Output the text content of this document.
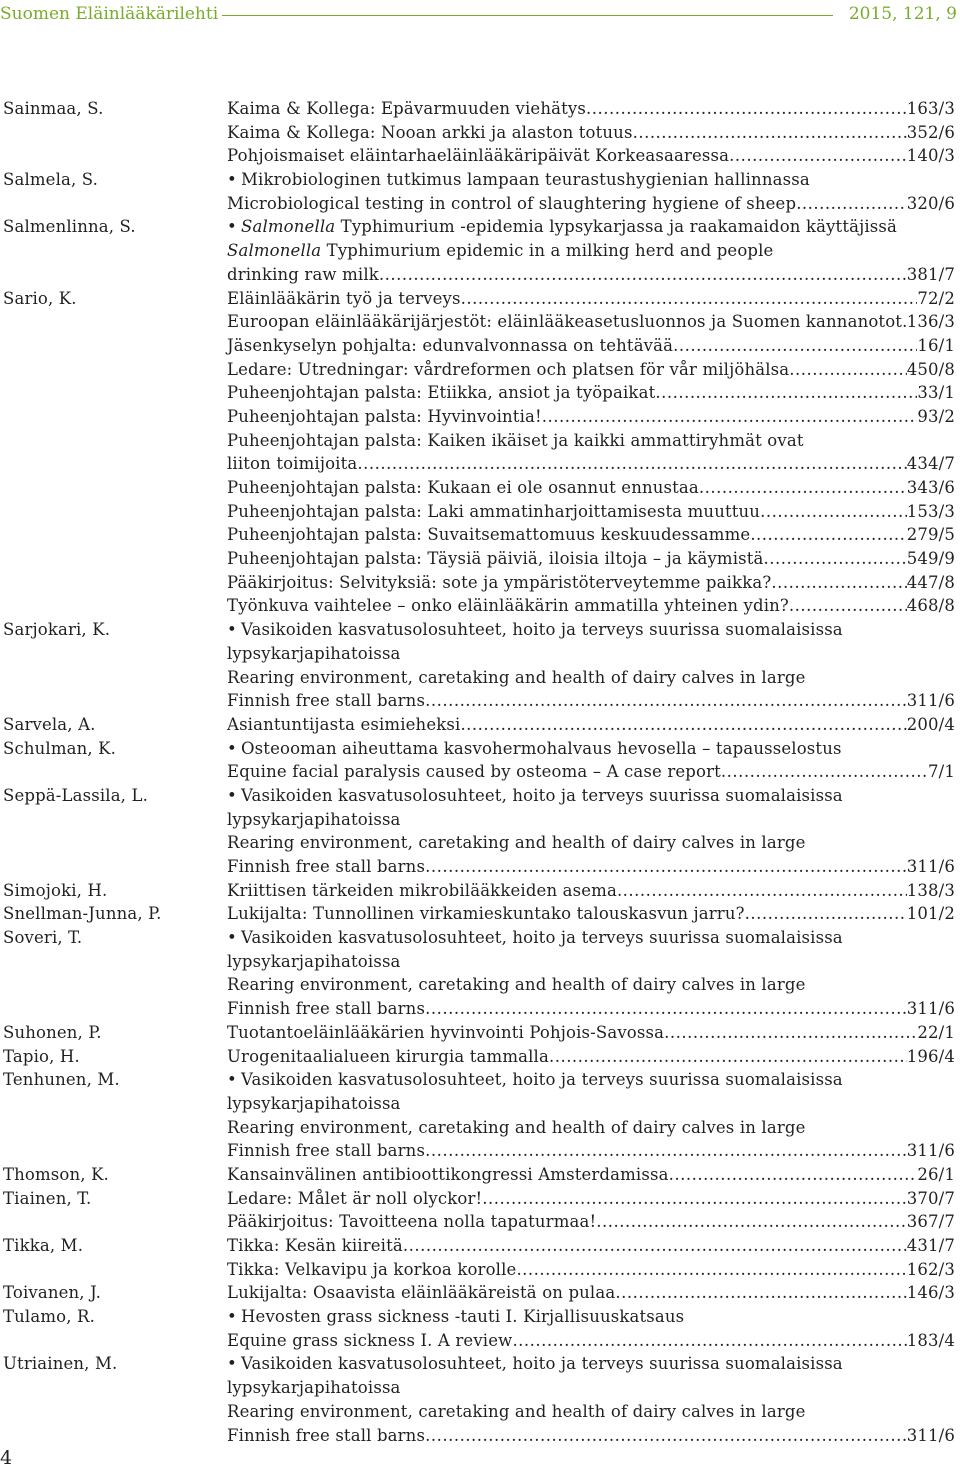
Suomen Eläinlääkärilehti	2015, 121, 9
Sainmaa, S.	Kaima & Kollega: Epävarmuuden viehätys .....	163/3
Kaima & Kollega: Nooan arkki ja alaston totuus .....	352/6
Pohjoismaiset eläintarhaeläinlääkäripäivät Korkeasaaressa .....	140/3
Salmela, S.	• Mikrobiologinen tutkimus lampaan teurastushygienian hallinnassa
Microbiological testing in control of slaughtering hygiene of sheep .....	320/6
Salmenlinna, S.	• Salmonella Typhimurium -epidemia lypsykarjassa ja raakamaidon käyttäjissä
Salmonella Typhimurium epidemic in a milking herd and people
drinking raw milk .....	381/7
Sario, K.	Eläinlääkärin työ ja terveys .....	72/2
Euroopan eläinlääkärijärjestöt: eläinlääkeasetusluonnos ja Suomen kannanotot ..... 136/3
Jäsenkyselyn pohjalta: edunvalvonnassa on tehtävää .....	16/1
Ledare: Utredningar: vårdreformen och platsen för vår miljöhälsa .....	450/8
Puheenjohtajan palsta: Etiikka, ansiot ja työpaikat .....	33/1
Puheenjohtajan palsta: Hyvinvointia! .....	93/2
Puheenjohtajan palsta: Kaiken ikäiset ja kaikki ammattiryhmät ovat
liiton toimijoita .....	434/7
Puheenjohtajan palsta: Kukaan ei ole osannut ennustaa .....	343/6
Puheenjohtajan palsta: Laki ammatinharjoittamisesta muuttuu .....	153/3
Puheenjohtajan palsta: Suvaitsemattomuus keskuudessamme .....	279/5
Puheenjohtajan palsta: Täysiä päiviä, iloisia iltoja – ja käymistä .....	549/9
Pääkirjoitus: Selvityksiä: sote ja ympäristöterveytemme paikka? .....	447/8
Työnkuva vaihtelee – onko eläinlääkärin ammatilla yhteinen ydin? .....	468/8
Sarjokari, K.	• Vasikoiden kasvatusolosuhteet, hoito ja terveys suurissa suomalaisissa
lypsykarjapihatoissa
Rearing environment, caretaking and health of dairy calves in large
Finnish free stall barns .....	311/6
Sarvela, A.	Asiantuntijasta esimieheksi .....	200/4
Schulman, K.	• Osteooman aiheuttama kasvohermohalvaus hevosella – tapausselostus
Equine facial paralysis caused by osteoma – A case report .....	7/1
Seppä-Lassila, L.	• Vasikoiden kasvatusolosuhteet, hoito ja terveys suurissa suomalaisissa
lypsykarjapihatoissa
Rearing environment, caretaking and health of dairy calves in large
Finnish free stall barns .....	311/6
Simojoki, H.	Kriittisen tärkeiden mikrobilääkkeiden asema .....	138/3
Snellman-Junna, P.	Lukijalta: Tunnollinen virkamieskuntako talouskasvun jarru? .....	101/2
Soveri, T.	• Vasikoiden kasvatusolosuhteet, hoito ja terveys suurissa suomalaisissa
lypsykarjapihatoissa
Rearing environment, caretaking and health of dairy calves in large
Finnish free stall barns .....	311/6
Suhonen, P.	Tuotantoeläinlääkärien hyvinvointi Pohjois-Savossa .....	22/1
Tapio, H.	Urogenitaalialueen kirurgia tammalla .....	196/4
Tenhunen, M.	• Vasikoiden kasvatusolosuhteet, hoito ja terveys suurissa suomalaisissa
lypsykarjapihatoissa
Rearing environment, caretaking and health of dairy calves in large
Finnish free stall barns .....	311/6
Thomson, K.	Kansainvälinen antibioottikongressi Amsterdamissa .....	26/1
Tiainen, T.	Ledare: Målet är noll olyckor! .....	370/7
Pääkirjoitus: Tavoitteena nolla tapaturmaa! .....	367/7
Tikka, M.	Tikka: Kesän kiireitä .....	431/7
Tikka: Velkavipu ja korkoa korolle .....	162/3
Toivanen, J.	Lukijalta: Osaavista eläinlääkäreistä on pulaa .....	146/3
Tulamo, R.	• Hevosten grass sickness -tauti I. Kirjallisuuskatsaus
Equine grass sickness I. A review .....	183/4
Utriainen, M.	• Vasikoiden kasvatusolosuhteet, hoito ja terveys suurissa suomalaisissa
lypsykarjapihatoissa
Rearing environment, caretaking and health of dairy calves in large
Finnish free stall barns .....	311/6
4
